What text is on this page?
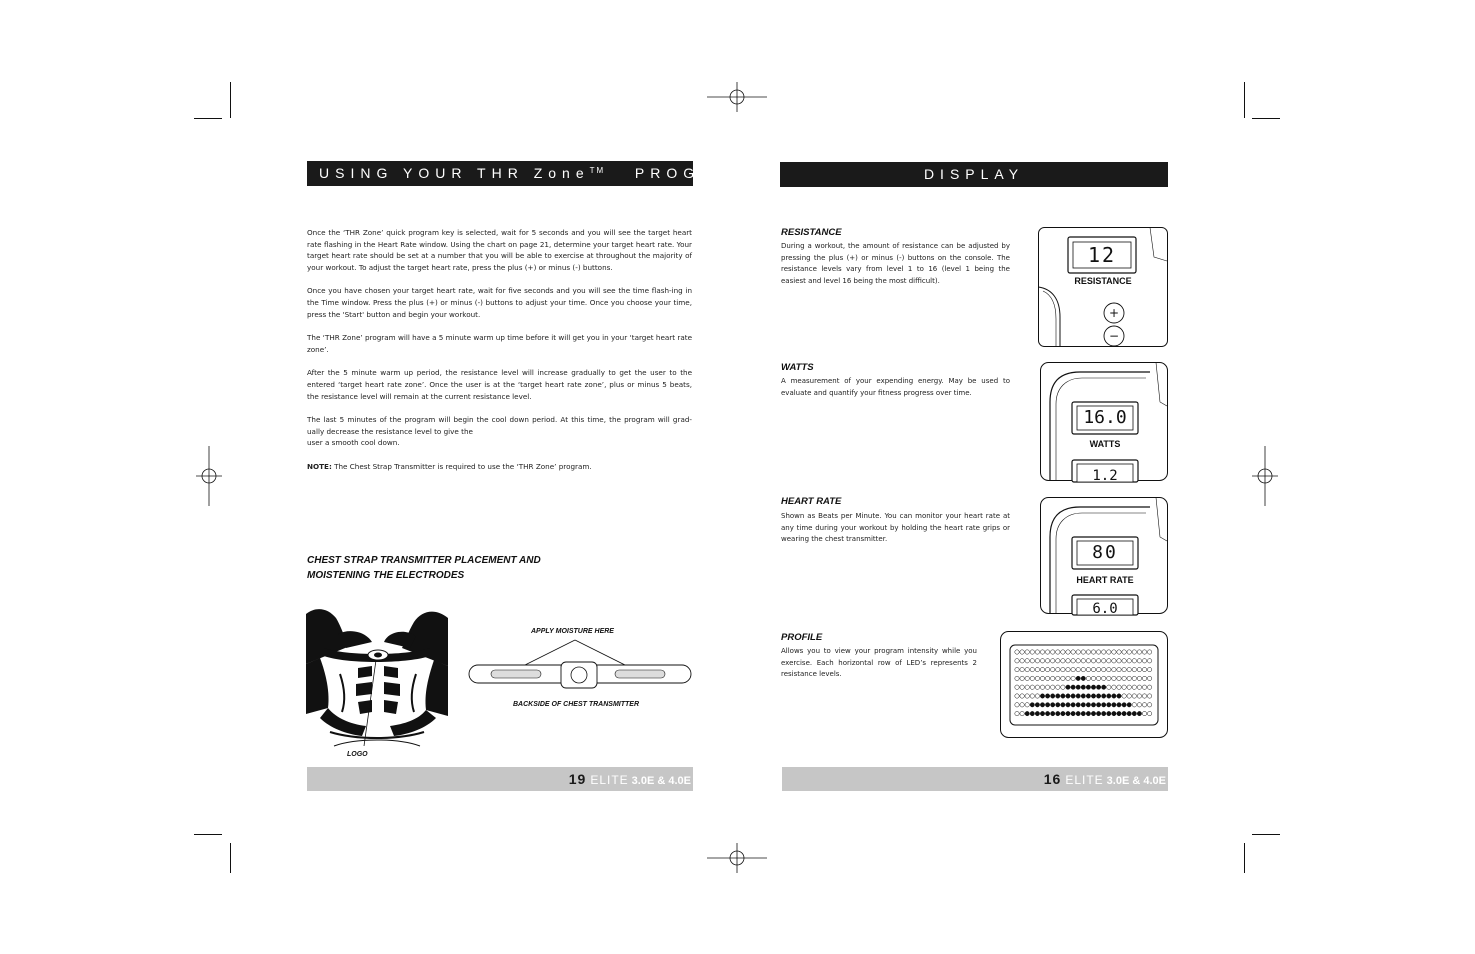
USING YOUR THR Zone™ PROGRAM

Once the ‘THR Zone’ quick program key is selected, wait for 5 seconds and you will see the target heart rate flashing in the Heart Rate window. Using the chart on page 21, determine your target heart rate. Your target heart rate should be set at a number that you will be able to exercise at throughout the majority of your workout. To adjust the target heart rate, press the plus (+) or minus (-) buttons.

Once you have chosen your target heart rate, wait for five seconds and you will see the time flash-ing in the Time window. Press the plus (+) or minus (-) buttons to adjust your time. Once you choose your time, press the 'Start' button and begin your workout.

The ‘THR Zone’ program will have a 5 minute warm up time before it will get you in your ‘target heart rate zone’.

After the 5 minute warm up period, the resistance level will increase gradually to get the user to the entered ‘target heart rate zone’. Once the user is at the ‘target heart rate zone’, plus or minus 5 beats, the resistance level will remain at the current resistance level.

The last 5 minutes of the program will begin the cool down period. At this time, the program will grad-ually decrease the resistance level to give the

user a smooth cool down.

NOTE: The Chest Strap Transmitter is required to use the ‘THR Zone’ program.

CHEST STRAP TRANSMITTER PLACEMENT AND
MOISTENING THE ELECTRODES
LOGO
APPLY MOISTURE HERE
BACKSIDE OF CHEST TRANSMITTER
19 ELITE 3.0E & 4.0E
DISPLAY
RESISTANCE
During a workout, the amount of resistance can be adjusted by pressing the plus (+) or minus (-) buttons on the console. The resistance levels vary from level 1 to 16 (level 1 being the easiest and level 16 being the most difficult).
+
−
12
RESISTANCE
WATTS
A measurement of your expending energy. May be used to evaluate and quantify your fitness progress over time.
1.2
16.0
WATTS
HEART RATE
Shown as Beats per Minute. You can monitor your heart rate at any time during your workout by holding the heart rate grips or wearing the chest transmitter.
6.0
80
HEART RATE
PROFILE
Allows you to view your program intensity while you exercise. Each horizontal row of LED’s represents 2 resistance levels.
16 ELITE 3.0E & 4.0E
